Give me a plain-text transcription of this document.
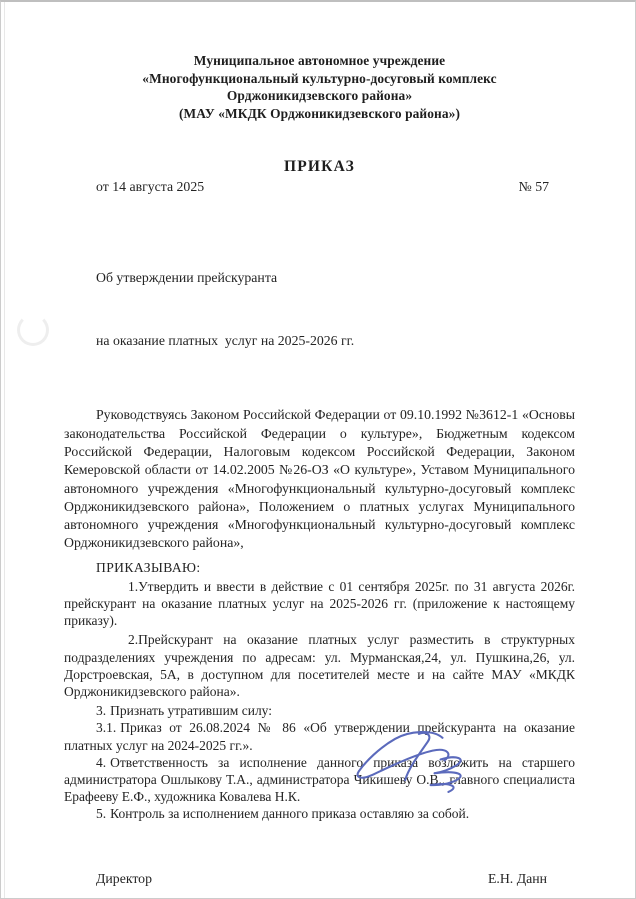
Муниципальное автономное учреждение
«Многофункциональный культурно-досуговый комплекс
Орджоникидзевского района»
(МАУ «МКДК Орджоникидзевского района»)
ПРИКАЗ
от 14 августа 2025	№ 57

Об утверждении прейскуранта

на оказание платных  услуг на 2025-2026 гг.

Руководствуясь Законом Российской Федерации от 09.10.1992 №3612-1 «Основы законодательства Российской Федерации о культуре», Бюджетным кодексом Российской Федерации, Налоговым кодексом Российской Федерации, Законом Кемеровской области от 14.02.2005 №26-ОЗ «О культуре», Уставом Муниципального автономного учреждения «Многофункциональный культурно-досуговый комплекс Орджоникидзевского района», Положением о платных услугах Муниципального автономного учреждения «Многофункциональный культурно-досуговый комплекс Орджоникидзевского района»,

ПРИКАЗЫВАЮ:

1.Утвердить и ввести в действие с 01 сентября 2025г. по 31 августа 2026г. прейскурант на оказание платных услуг на 2025-2026 гг. (приложение к настоящему приказу).

2.Прейскурант на оказание платных услуг разместить в структурных подразделениях учреждения по адресам: ул. Мурманская,24, ул. Пушкина,26, ул. Дорстроевская, 5А, в доступном для посетителей месте и на сайте МАУ «МКДК Орджоникидзевского района».

3. Признать утратившим силу:

3.1. Приказ от 26.08.2024 № 86 «Об утверждении прейскуранта на оказание платных услуг на 2024-2025 гг.».

4. Ответственность за исполнение данного приказа возложить на старшего администратора Ошлыкову Т.А., администратора Чикишеву О.В., главного специалиста Ерафееву Е.Ф., художника Ковалева Н.К.

5. Контроль за исполнением данного приказа оставляю за собой.

Директор	Е.Н. Данн
